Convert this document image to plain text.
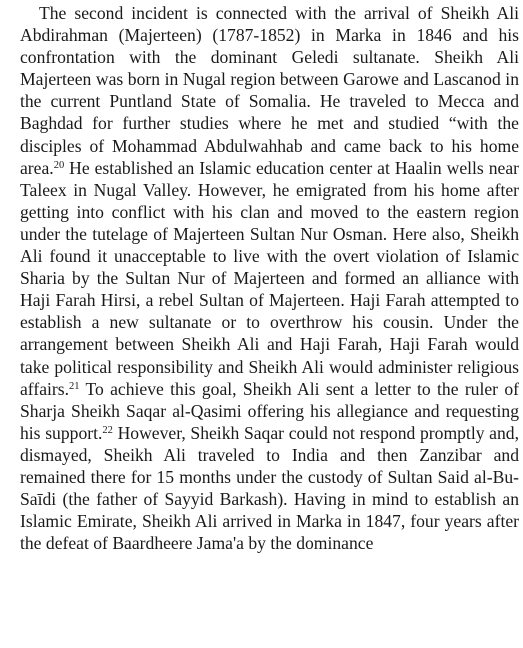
The second incident is connected with the arrival of Sheikh Ali Abdirahman (Majerteen) (1787-1852) in Marka in 1846 and his confrontation with the dominant Geledi sultanate. Sheikh Ali Majerteen was born in Nugal region between Garowe and Lascanod in the current Puntland State of Somalia. He traveled to Mecca and Baghdad for further studies where he met and studied “with the disciples of Mohammad Abdulwahhab and came back to his home area.$^{20}$ He established an Islamic education center at Haalin wells near Taleex in Nugal Valley. However, he emigrated from his home after getting into conflict with his clan and moved to the eastern region under the tutelage of Majerteen Sultan Nur Osman. Here also, Sheikh Ali found it unacceptable to live with the overt violation of Islamic Sharia by the Sultan Nur of Majerteen and formed an alliance with Haji Farah Hirsi, a rebel Sultan of Majerteen. Haji Farah attempted to establish a new sultanate or to overthrow his cousin. Under the arrangement between Sheikh Ali and Haji Farah, Haji Farah would take political responsibility and Sheikh Ali would administer religious affairs.$^{21}$ To achieve this goal, Sheikh Ali sent a letter to the ruler of Sharja Sheikh Saqar al-Qasimi offering his allegiance and requesting his support.$^{22}$ However, Sheikh Saqar could not respond promptly and, dismayed, Sheikh Ali traveled to India and then Zanzibar and remained there for 15 months under the custody of Sultan Said al-Bu-Saīdi (the father of Sayyid Barkash). Having in mind to establish an Islamic Emirate, Sheikh Ali arrived in Marka in 1847, four years after the defeat of Baardheere Jama'a by the dominance
